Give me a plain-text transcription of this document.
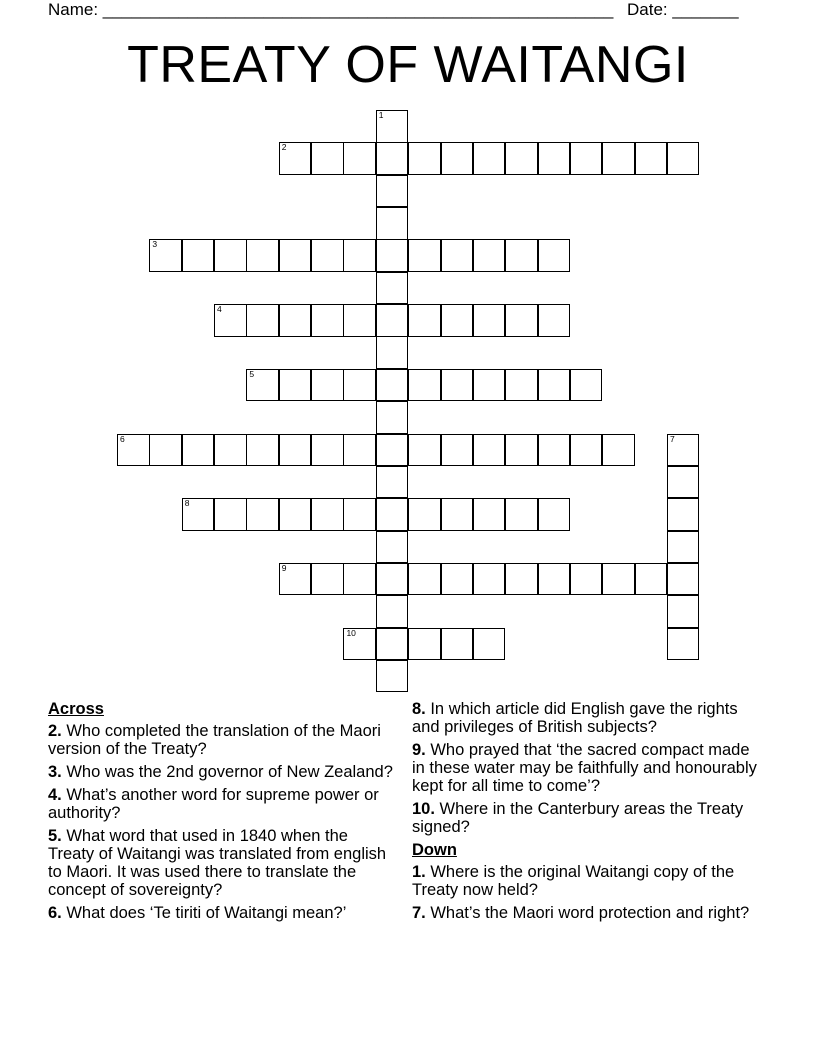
Name: ______________________________________________________ Date: _______
TREATY OF WAITANGI
1
2
3
4
5
6	7
8
9
10
Across
2. Who completed the translation of the Maori version of the Treaty?
3. Who was the 2nd governor of New Zealand?
4. What’s another word for supreme power or authority?
5. What word that used in 1840 when the Treaty of Waitangi was translated from english to Maori. It was used there to translate the concept of sovereignty?
6. What does ‘Te tiriti of Waitangi mean?’
8. In which article did English gave the rights and privileges of British subjects?
9. Who prayed that ‘the sacred compact made in these water may be faithfully and honourably kept for all time to come’?
10. Where in the Canterbury areas the Treaty signed?
Down
1. Where is the original Waitangi copy of the Treaty now held?
7. What’s the Maori word protection and right?
